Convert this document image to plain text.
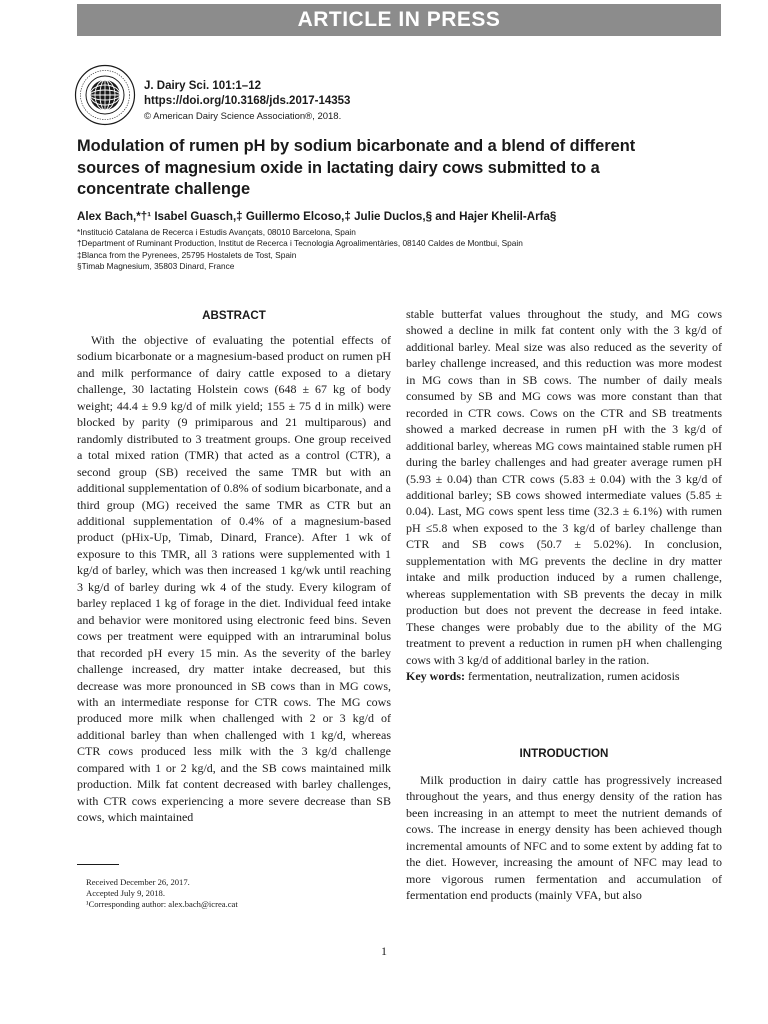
ARTICLE IN PRESS
J. Dairy Sci. 101:1–12
https://doi.org/10.3168/jds.2017-14353
© American Dairy Science Association®, 2018.
Modulation of rumen pH by sodium bicarbonate and a blend of different sources of magnesium oxide in lactating dairy cows submitted to a concentrate challenge
Alex Bach,*†¹ Isabel Guasch,‡ Guillermo Elcoso,‡ Julie Duclos,§ and Hajer Khelil-Arfa§
*Institució Catalana de Recerca i Estudis Avançats, 08010 Barcelona, Spain
†Department of Ruminant Production, Institut de Recerca i Tecnologia Agroalimentàries, 08140 Caldes de Montbui, Spain
‡Blanca from the Pyrenees, 25795 Hostalets de Tost, Spain
§Timab Magnesium, 35803 Dinard, France
ABSTRACT

With the objective of evaluating the potential effects of sodium bicarbonate or a magnesium-based product on rumen pH and milk performance of dairy cattle exposed to a dietary challenge, 30 lactating Holstein cows (648 ± 67 kg of body weight; 44.4 ± 9.9 kg/d of milk yield; 155 ± 75 d in milk) were blocked by parity (9 primiparous and 21 multiparous) and randomly distributed to 3 treatment groups. One group received a total mixed ration (TMR) that acted as a control (CTR), a second group (SB) received the same TMR but with an additional supplementation of 0.8% of sodium bicarbonate, and a third group (MG) received the same TMR as CTR but an additional supplementation of 0.4% of a magnesium-based product (pHix-Up, Timab, Dinard, France). After 1 wk of exposure to this TMR, all 3 rations were supplemented with 1 kg/d of barley, which was then increased 1 kg/wk until reaching 3 kg/d of barley during wk 4 of the study. Every kilogram of barley replaced 1 kg of forage in the diet. Individual feed intake and behavior were monitored using electronic feed bins. Seven cows per treatment were equipped with an intraruminal bolus that recorded pH every 15 min. As the severity of the barley challenge increased, dry matter intake decreased, but this decrease was more pronounced in SB cows than in MG cows, with an intermediate response for CTR cows. The MG cows produced more milk when challenged with 2 or 3 kg/d of additional barley than when challenged with 1 kg/d, whereas CTR cows produced less milk with the 3 kg/d challenge compared with 1 or 2 kg/d, and the SB cows maintained milk production. Milk fat content decreased with barley challenges, with CTR cows experiencing a more severe decrease than SB cows, which maintained

stable butterfat values throughout the study, and MG cows showed a decline in milk fat content only with the 3 kg/d of additional barley. Meal size was also reduced as the severity of barley challenge increased, and this reduction was more modest in MG cows than in SB cows. The number of daily meals consumed by SB and MG cows was more constant than that recorded in CTR cows. Cows on the CTR and SB treatments showed a marked decrease in rumen pH with the 3 kg/d of additional barley, whereas MG cows maintained stable rumen pH during the barley challenges and had greater average rumen pH (5.93 ± 0.04) than CTR cows (5.83 ± 0.04) with the 3 kg/d of additional barley; SB cows showed intermediate values (5.85 ± 0.04). Last, MG cows spent less time (32.3 ± 6.1%) with rumen pH ≤5.8 when exposed to the 3 kg/d of barley challenge than CTR and SB cows (50.7 ± 5.02%). In conclusion, supplementation with MG prevents the decline in dry matter intake and milk production induced by a rumen challenge, whereas supplementation with SB prevents the decay in milk production but does not prevent the decrease in feed intake. These changes were probably due to the ability of the MG treatment to prevent a reduction in rumen pH when challenging cows with 3 kg/d of additional barley in the ration.

Key words: fermentation, neutralization, rumen acidosis

INTRODUCTION

Milk production in dairy cattle has progressively increased throughout the years, and thus energy density of the ration has been increasing in an attempt to meet the nutrient demands of cows. The increase in energy density has been achieved though incremental amounts of NFC and to some extent by adding fat to the diet. However, increasing the amount of NFC may lead to more vigorous rumen fermentation and accumulation of fermentation end products (mainly VFA, but also

Received December 26, 2017.
Accepted July 9, 2018.
¹Corresponding author: alex.bach@icrea.cat
1
